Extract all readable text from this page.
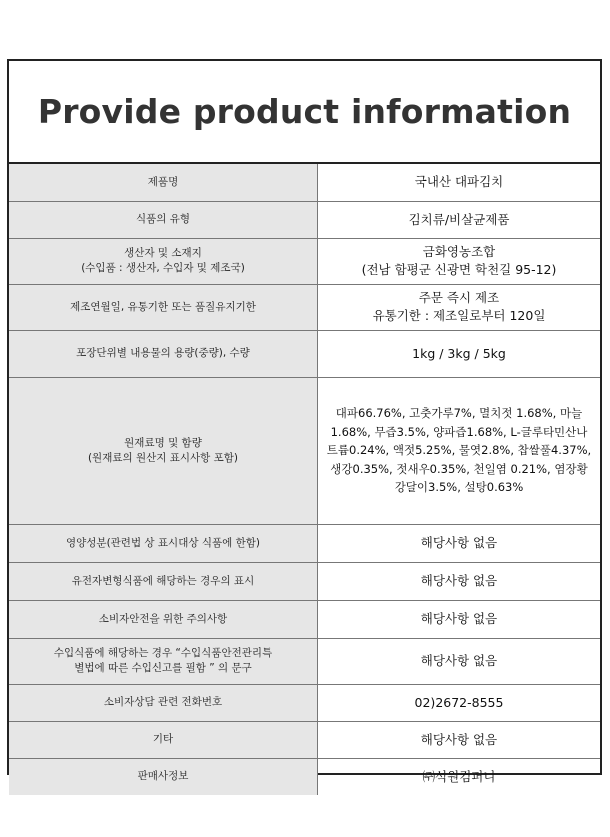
Provide product information
제품명	국내산 대파김치

식품의 유형	김치류/비살균제품

생산자 및 소재지
(수입품 : 생산자, 수입자 및 제조국)	금화영농조합
(전남 함평군 신광면 학천길 95-12)

제조연월일, 유통기한 또는 품질유지기한	주문 즉시 제조
유통기한 : 제조일로부터 120일

포장단위별 내용물의 용량(중량), 수량	1kg / 3kg / 5kg

원재료명 및 함량
(원재료의 원산지 표시사항 포함)	대파66.76%, 고춧가루7%, 멸치젓 1.68%, 마늘 1.68%, 무즙3.5%, 양파즙1.68%, L-글루타민산나트륨0.24%, 액젓5.25%, 물엿2.8%, 찹쌀풀4.37%, 생강0.35%, 젓새우0.35%, 천일염 0.21%, 염장황강달이3.5%, 설탕0.63%

영양성분(관련법 상 표시대상 식품에 한함)	해당사항 없음

유전자변형식품에 해당하는 경우의 표시	해당사항 없음

소비자안전을 위한 주의사항	해당사항 없음

수입식품에 해당하는 경우 “수입식품안전관리특
별법에 따른 수입신고를 필함 ” 의 문구	해당사항 없음

소비자상담 관련 전화번호	02)2672-8555

기타	해당사항 없음

판매사정보	㈜석원컴퍼니
